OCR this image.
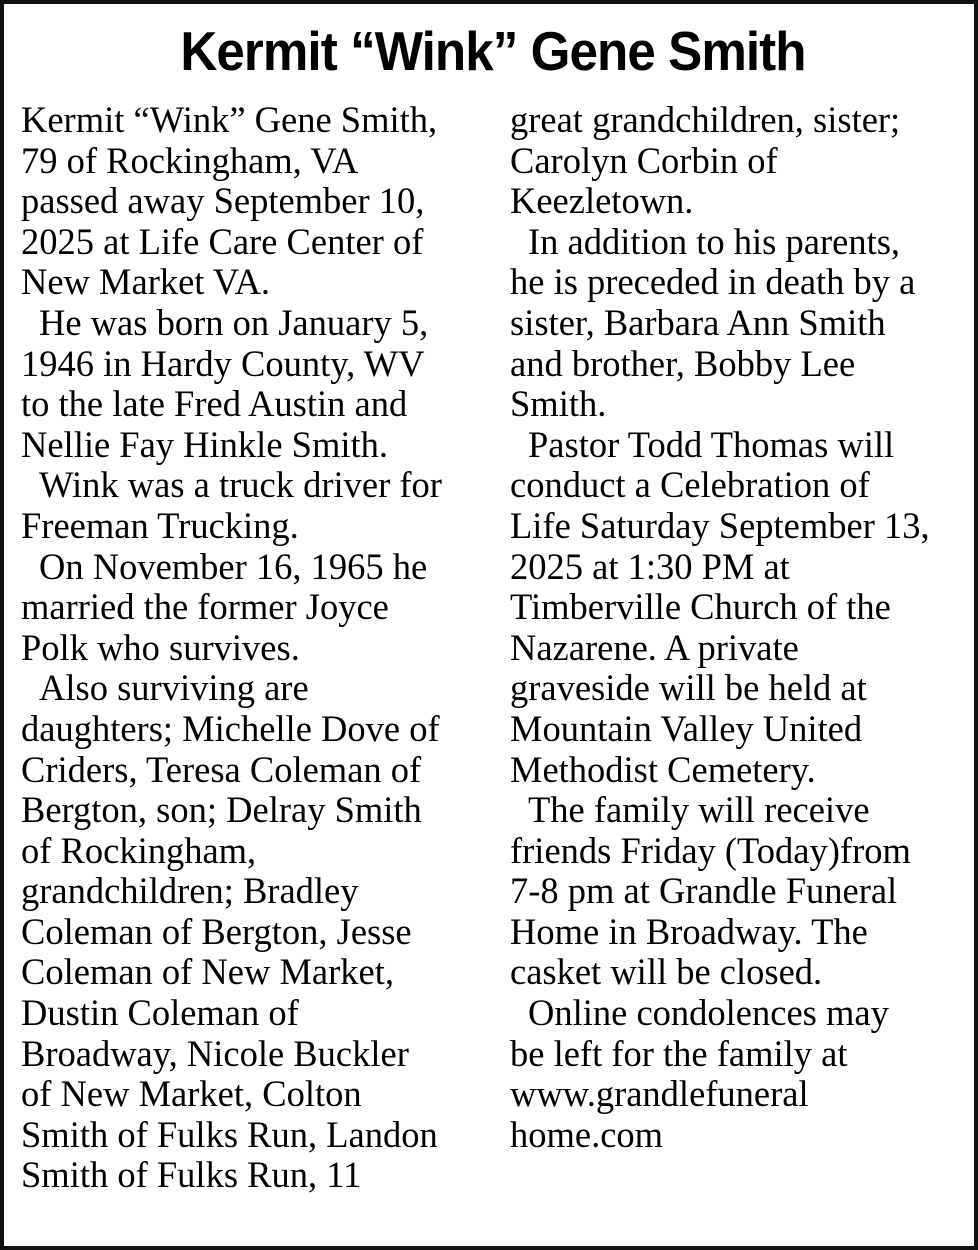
Kermit “Wink” Gene Smith
Kermit “Wink” Gene Smith,
79 of Rockingham, VA
passed away September 10,
2025 at Life Care Center of
New Market VA.
He was born on January 5,
1946 in Hardy County, WV
to the late Fred Austin and
Nellie Fay Hinkle Smith.
Wink was a truck driver for
Freeman Trucking.
On November 16, 1965 he
married the former Joyce
Polk who survives.
Also surviving are
daughters; Michelle Dove of
Criders, Teresa Coleman of
Bergton, son; Delray Smith
of Rockingham,
grandchildren; Bradley
Coleman of Bergton, Jesse
Coleman of New Market,
Dustin Coleman of
Broadway, Nicole Buckler
of New Market, Colton
Smith of Fulks Run, Landon
Smith of Fulks Run, 11
great grandchildren, sister;
Carolyn Corbin of
Keezletown.
In addition to his parents,
he is preceded in death by a
sister, Barbara Ann Smith
and brother, Bobby Lee
Smith.
Pastor Todd Thomas will
conduct a Celebration of
Life Saturday September 13,
2025 at 1:30 PM at
Timberville Church of the
Nazarene. A private
graveside will be held at
Mountain Valley United
Methodist Cemetery.
The family will receive
friends Friday (Today)from
7-8 pm at Grandle Funeral
Home in Broadway. The
casket will be closed.
Online condolences may
be left for the family at
www.grandlefuneral
home.com
